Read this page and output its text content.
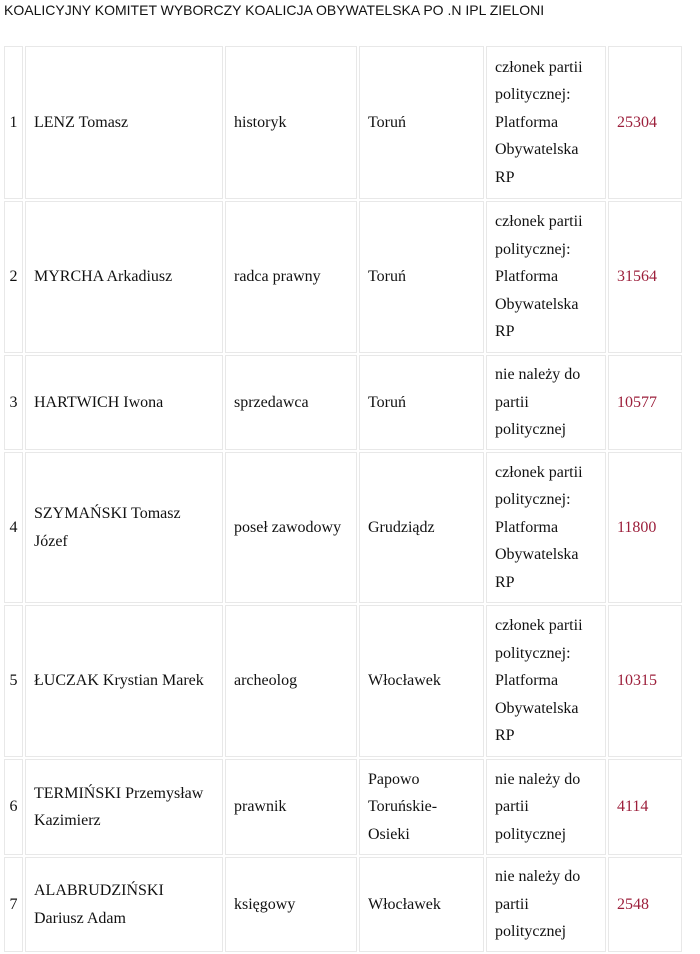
KOALICYJNY KOMITET WYBORCZY KOALICJA OBYWATELSKA PO .N IPL ZIELONI
1	LENZ Tomasz	historyk	Toruń	członek partii politycznej: Platforma Obywatelska RP	25304
2	MYRCHA Arkadiusz	radca prawny	Toruń	członek partii politycznej: Platforma Obywatelska RP	31564
3	HARTWICH Iwona	sprzedawca	Toruń	nie należy do partii politycznej	10577
4	SZYMAŃSKI Tomasz Józef	poseł zawodowy	Grudziądz	członek partii politycznej: Platforma Obywatelska RP	11800
5	ŁUCZAK Krystian Marek	archeolog	Włocławek	członek partii politycznej: Platforma Obywatelska RP	10315
6	TERMIŃSKI Przemysław Kazimierz	prawnik	Papowo Toruńskie-Osieki	nie należy do partii politycznej	4114
7	ALABRUDZIŃSKI Dariusz Adam	księgowy	Włocławek	nie należy do partii politycznej	2548
